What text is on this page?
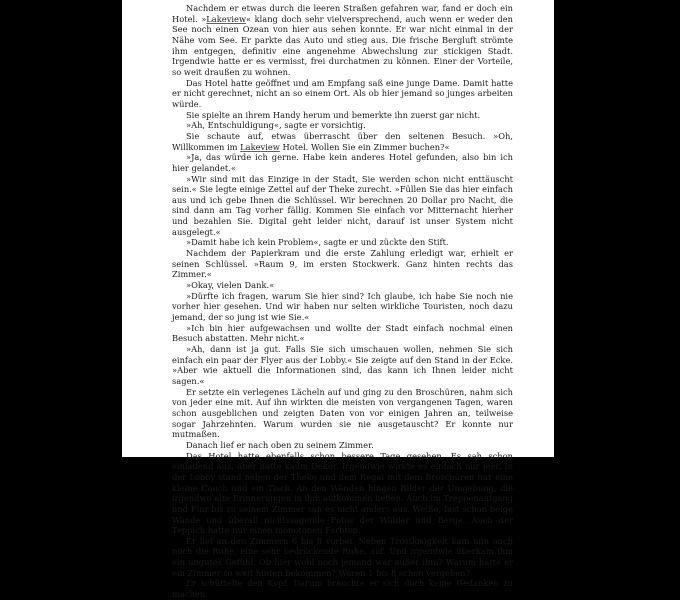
Nachdem er etwas durch die leeren Straßen gefahren war, fand er doch ein Hotel. »Lakeview« klang doch sehr vielversprechend, auch wenn er weder den See noch einen Ozean von hier aus sehen konnte. Er war nicht einmal in der Nähe vom See. Er parkte das Auto und stieg aus. Die frische Bergluft strömte ihm entgegen, definitiv eine angenehme Abwechslung zur stickigen Stadt. Irgendwie hatte er es vermisst, frei durchatmen zu können. Einer der Vorteile, so weit draußen zu wohnen.

Das Hotel hatte geöffnet und am Empfang saß eine junge Dame. Damit hatte er nicht gerechnet, nicht an so einem Ort. Als ob hier jemand so junges arbeiten würde.

Sie spielte an ihrem Handy herum und bemerkte ihn zuerst gar nicht.

»Ah, Entschuldigung«, sagte er vorsichtig.

Sie schaute auf, etwas überrascht über den seltenen Besuch. »Oh, Willkommen im Lakeview Hotel. Wollen Sie ein Zimmer buchen?«

»Ja, das würde ich gerne. Habe kein anderes Hotel gefunden, also bin ich hier gelandet.«

»Wir sind mit das Einzige in der Stadt, Sie werden schon nicht enttäuscht sein.« Sie legte einige Zettel auf der Theke zurecht. »Füllen Sie das hier einfach aus und ich gebe Ihnen die Schlüssel. Wir berechnen 20 Dollar pro Nacht, die sind dann am Tag vorher fällig. Kommen Sie einfach vor Mitternacht hierher und bezahlen Sie. Digital geht leider nicht, darauf ist unser System nicht ausgelegt.«

»Damit habe ich kein Problem«, sagte er und zückte den Stift.

Nachdem der Papierkram und die erste Zahlung erledigt war, erhielt er seinen Schlüssel. »Raum 9, im ersten Stockwerk. Ganz hinten rechts das Zimmer.«

»Okay, vielen Dank.«

»Dürfte ich fragen, warum Sie hier sind? Ich glaube, ich habe Sie noch nie vorher hier gesehen. Und wir haben nur selten wirkliche Touristen, noch dazu jemand, der so jung ist wie Sie.«

»Ich bin hier aufgewachsen und wollte der Stadt einfach nochmal einen Besuch abstatten. Mehr nicht.«

»Ah, dann ist ja gut. Falls Sie sich umschauen wollen, nehmen Sie sich einfach ein paar der Flyer aus der Lobby.« Sie zeigte auf den Stand in der Ecke. »Aber wie aktuell die Informationen sind, das kann ich Ihnen leider nicht sagen.«

Er setzte ein verlegenes Lächeln auf und ging zu den Broschüren, nahm sich von jeder eine mit. Auf ihn wirkten die meisten von vergangenen Tagen, waren schon ausgeblichen und zeigten Daten von vor einigen Jahren an, teilweise sogar Jahrzehnten. Warum wurden sie nie ausgetauscht? Er konnte nur mutmaßen.

Danach lief er nach oben zu seinem Zimmer.

Das Hotel hatte ebenfalls schon bessere Tage gesehen. Es sah schon einladend aus, aber hatte kaum Dekor. Irgendwie wirkte es einfach nur leer. In der Lobby stand neben der Theke und dem Regal mit dem Broschüren nur eine kleine Couch und ein Tisch. An den Wänden hingen Bilder der Umgebung, die irgendwo alte Erinnerungen in ihm aufkommen ließen. Auch im Treppenaufgang und Flur bis zu seinem Zimmer sah es nicht anders aus. Weiße, fast schon beige Wände und überall nichtssagende Fotos der Wälder und Berge. Auch der Teppich hatte nur einen monotonen Farbton.

Er lief an den Zimmern 6 bis 8 vorbei. Neben Trostlosigkeit kam nun auch noch die Ruhe, eine sehr bedrückende Ruhe, auf. Und irgendwie überkam ihm ein ungutes Gefühl. Ob hier wohl noch jemand war außer ihm? Warum hatte er ein Zimmer so weit hinten bekommen? Waren 1 bis 8 schon vergeben?

Er schüttelte den Kopf. Darum brauchte er sich doch keine Gedanken zu machen.
